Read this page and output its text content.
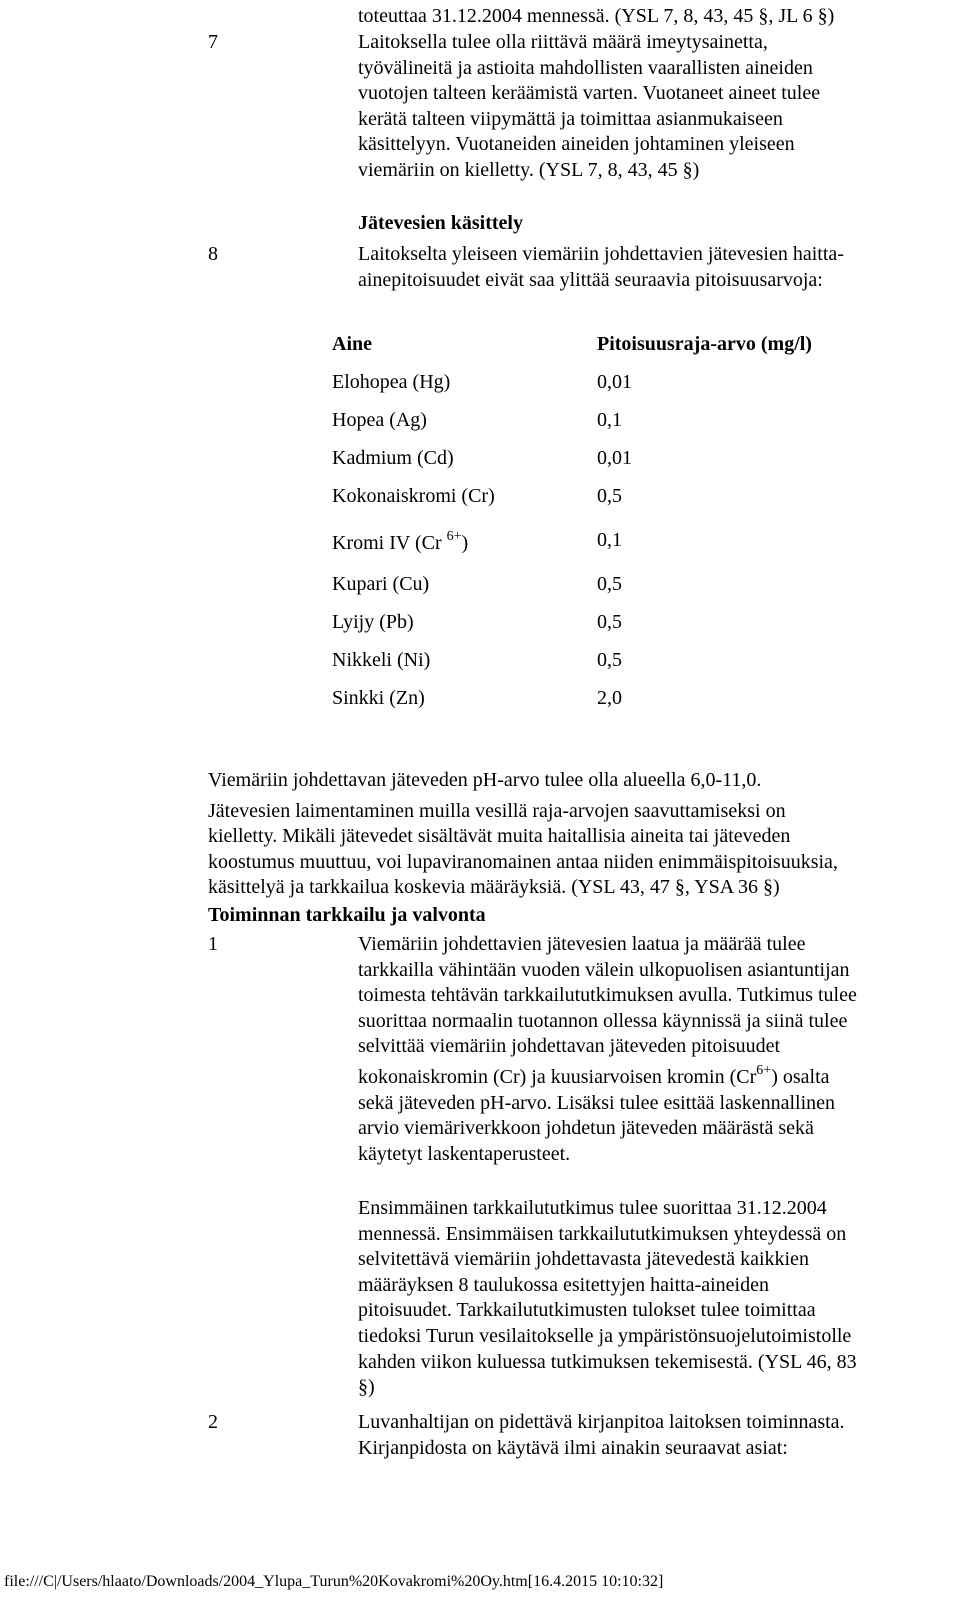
toteuttaa 31.12.2004 mennessä. (YSL 7, 8, 43, 45 §, JL 6 §)
7	Laitoksella tulee olla riittävä määrä imeytysainetta,
työvälineitä ja astioita mahdollisten vaarallisten aineiden
vuotojen talteen keräämistä varten. Vuotaneet aineet tulee
kerätä talteen viipymättä ja toimittaa asianmukaiseen
käsittelyyn. Vuotaneiden aineiden johtaminen yleiseen
viemäriin on kielletty. (YSL 7, 8, 43, 45 §)
Jätevesien käsittely
8	Laitokselta yleiseen viemäriin johdettavien jätevesien haitta-
ainepitoisuudet eivät saa ylittää seuraavia pitoisuusarvoja:
Aine	Pitoisuusraja-arvo (mg/l)
Elohopea (Hg)	0,01
Hopea (Ag)	0,1
Kadmium (Cd)	0,01
Kokonaiskromi (Cr)	0,5
Kromi IV (Cr $^{6+}$)	0,1
Kupari (Cu)	0,5
Lyijy (Pb)	0,5
Nikkeli (Ni)	0,5
Sinkki (Zn)	2,0
Viemäriin johdettavan jäteveden pH-arvo tulee olla alueella 6,0-11,0.
Jätevesien laimentaminen muilla vesillä raja-arvojen saavuttamiseksi on
kielletty. Mikäli jätevedet sisältävät muita haitallisia aineita tai jäteveden
koostumus muuttuu, voi lupaviranomainen antaa niiden enimmäispitoisuuksia,
käsittelyä ja tarkkailua koskevia määräyksiä. (YSL 43, 47 §, YSA 36 §)
Toiminnan tarkkailu ja valvonta
1	Viemäriin johdettavien jätevesien laatua ja määrää tulee
tarkkailla vähintään vuoden välein ulkopuolisen asiantuntijan
toimesta tehtävän tarkkailututkimuksen avulla. Tutkimus tulee
suorittaa normaalin tuotannon ollessa käynnissä ja siinä tulee
selvittää viemäriin johdettavan jäteveden pitoisuudet
kokonaiskromin (Cr) ja kuusiarvoisen kromin $(Cr^{6+})$ osalta
sekä jäteveden pH-arvo. Lisäksi tulee esittää laskennallinen
arvio viemäriverkkoon johdetun jäteveden määrästä sekä
käytetyt laskentaperusteet.
Ensimmäinen tarkkailututkimus tulee suorittaa 31.12.2004
mennessä. Ensimmäisen tarkkailututkimuksen yhteydessä on
selvitettävä viemäriin johdettavasta jätevedestä kaikkien
määräyksen 8 taulukossa esitettyjen haitta-aineiden
pitoisuudet. Tarkkailututkimusten tulokset tulee toimittaa
tiedoksi Turun vesilaitokselle ja ympäristönsuojelutoimistolle
kahden viikon kuluessa tutkimuksen tekemisestä. (YSL 46, 83
§)
2	Luvanhaltijan on pidettävä kirjanpitoa laitoksen toiminnasta.
Kirjanpidosta on käytävä ilmi ainakin seuraavat asiat:
file:///C|/Users/hlaato/Downloads/2004_Ylupa_Turun%20Kovakromi%20Oy.htm[16.4.2015 10:10:32]
